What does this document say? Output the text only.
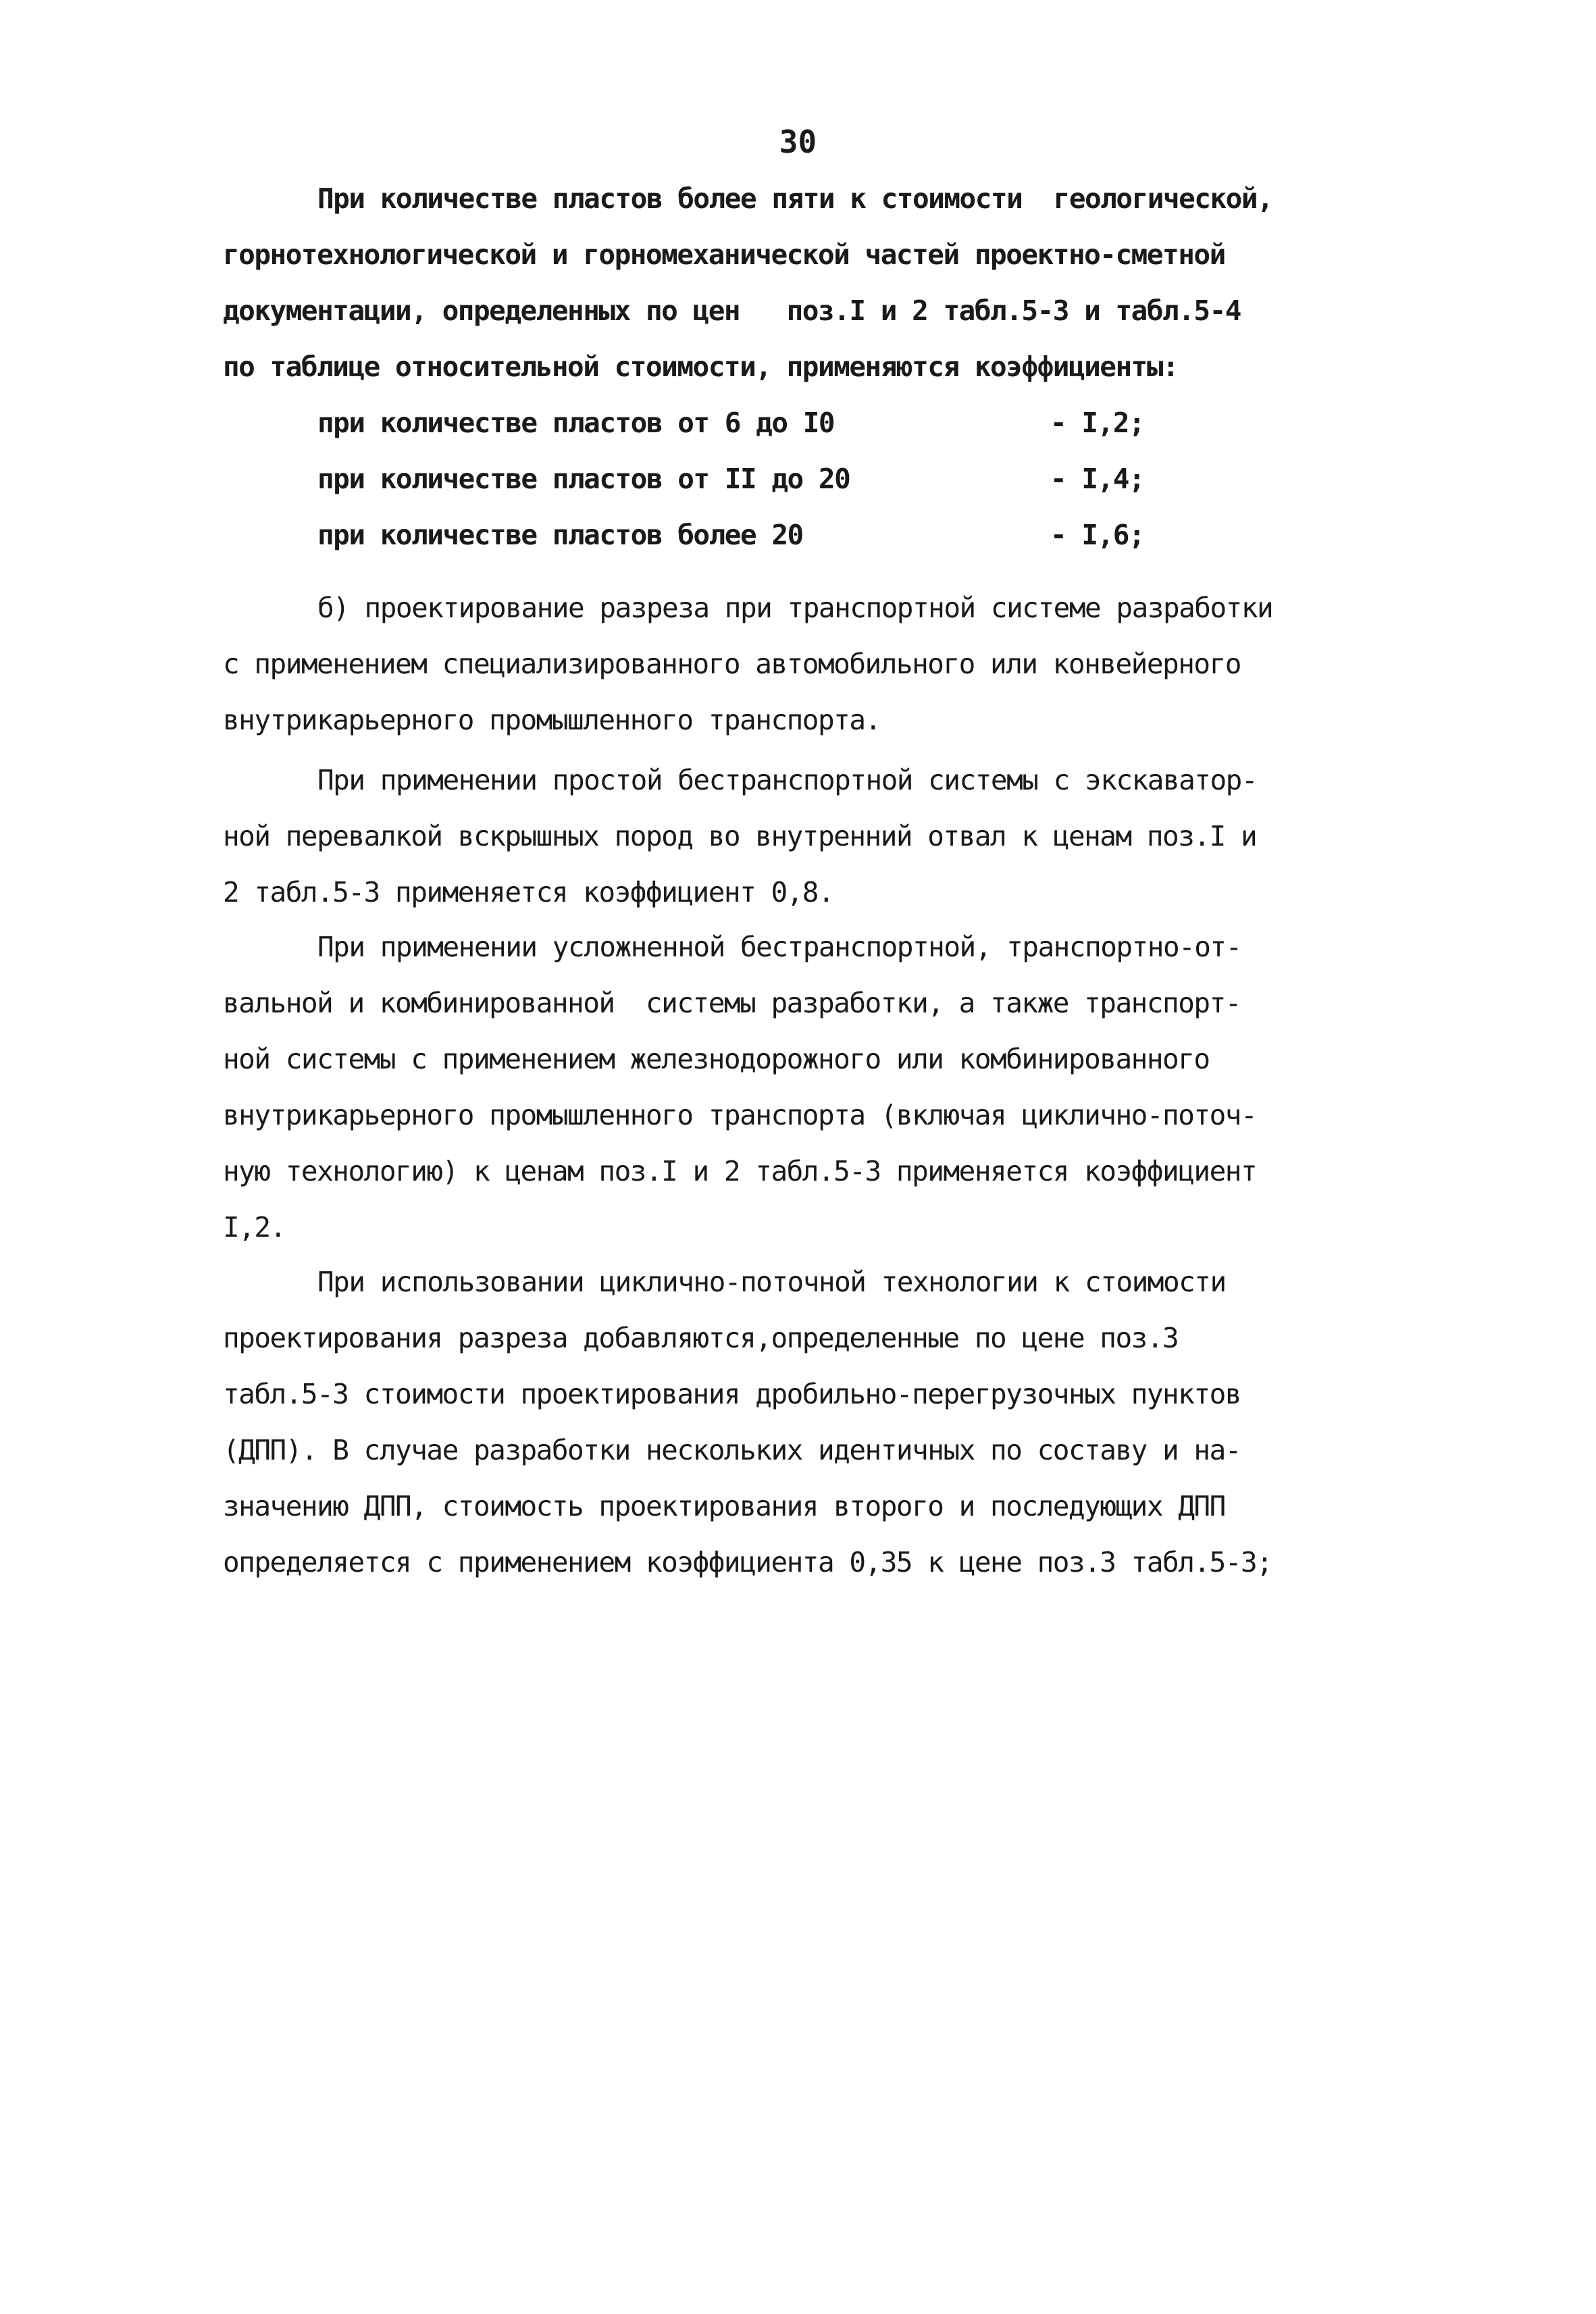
30
При количестве пластов более пяти к стоимости  геологической,
горнотехнологической и горномеханической частей проектно-сметной
документации, определенных по цен   поз.I и 2 табл.5-3 и табл.5-4
по таблице относительной стоимости, применяются коэффициенты:
при количестве пластов от 6 до I0	- I,2;
при количестве пластов от II до 20	- I,4;
при количестве пластов более 20	- I,6;
б) проектирование разреза при транспортной системе разработки
с применением специализированного автомобильного или конвейерного
внутрикарьерного промышленного транспорта.
При применении простой бестранспортной системы с экскаватор-
ной перевалкой вскрышных пород во внутренний отвал к ценам поз.I и
2 табл.5-3 применяется коэффициент 0,8.
При применении усложненной бестранспортной, транспортно-от-
вальной и комбинированной  системы разработки, а также транспорт-
ной системы с применением железнодорожного или комбинированного
внутрикарьерного промышленного транспорта (включая циклично-поточ-
ную технологию) к ценам поз.I и 2 табл.5-3 применяется коэффициент
I,2.
При использовании циклично-поточной технологии к стоимости
проектирования разреза добавляются,определенные по цене поз.3
табл.5-3 стоимости проектирования дробильно-перегрузочных пунктов
(ДПП). В случае разработки нескольких идентичных по составу и на-
значению ДПП, стоимость проектирования второго и последующих ДПП
определяется с применением коэффициента 0,35 к цене поз.3 табл.5-3;
